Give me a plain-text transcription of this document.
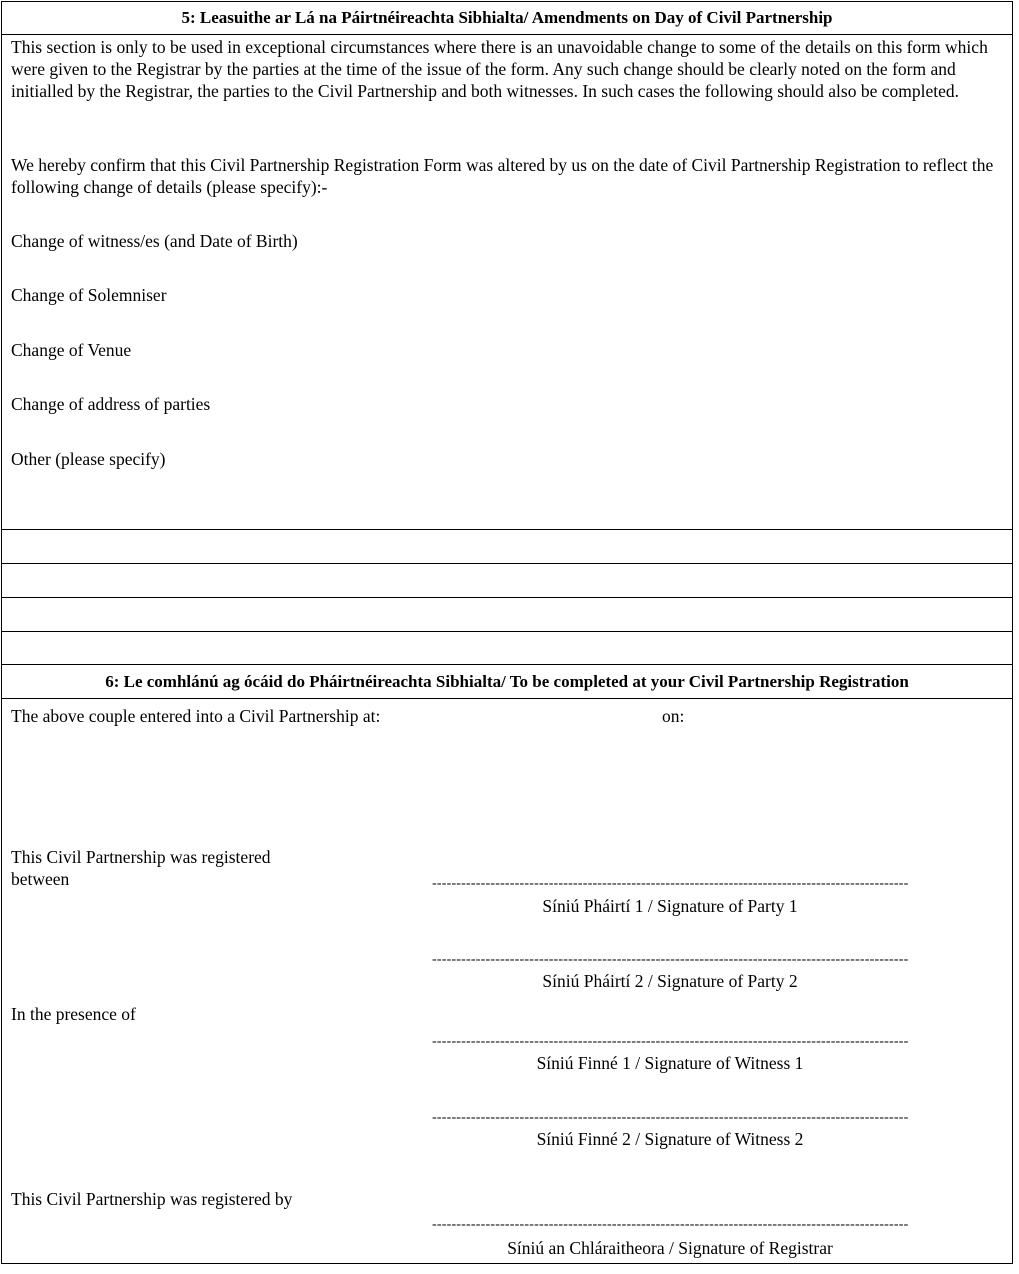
5: Leasuithe ar Lá na Páirtnéireachta Sibhialta/ Amendments on Day of Civil Partnership
This section is only to be used in exceptional circumstances where there is an unavoidable change to some of the details on this form which were given to the Registrar by the parties at the time of the issue of the form. Any such change should be clearly noted on the form and initialled by the Registrar, the parties to the Civil Partnership and both witnesses. In such cases the following should also be completed.
We hereby confirm that this Civil Partnership Registration Form was altered by us on the date of Civil Partnership Registration to reflect the following change of details (please specify):-
Change of witness/es (and Date of Birth)
Change of Solemniser
Change of Venue
Change of address of parties
Other (please specify)
6: Le comhlánú ag ócáid do Pháirtnéireachta Sibhialta/ To be completed at your Civil Partnership Registration
The above couple entered into a Civil Partnership at:	on:
This Civil Partnership was registered
between
In the presence of
This Civil Partnership was registered by
-----
Síniú Pháirtí 1 / Signature of Party 1
-----
Síniú Pháirtí 2 / Signature of Party 2
-----
Síniú Finné 1 / Signature of Witness 1
-----
Síniú Finné 2 / Signature of Witness 2
-----
Síniú an Chláraitheora / Signature of Registrar
